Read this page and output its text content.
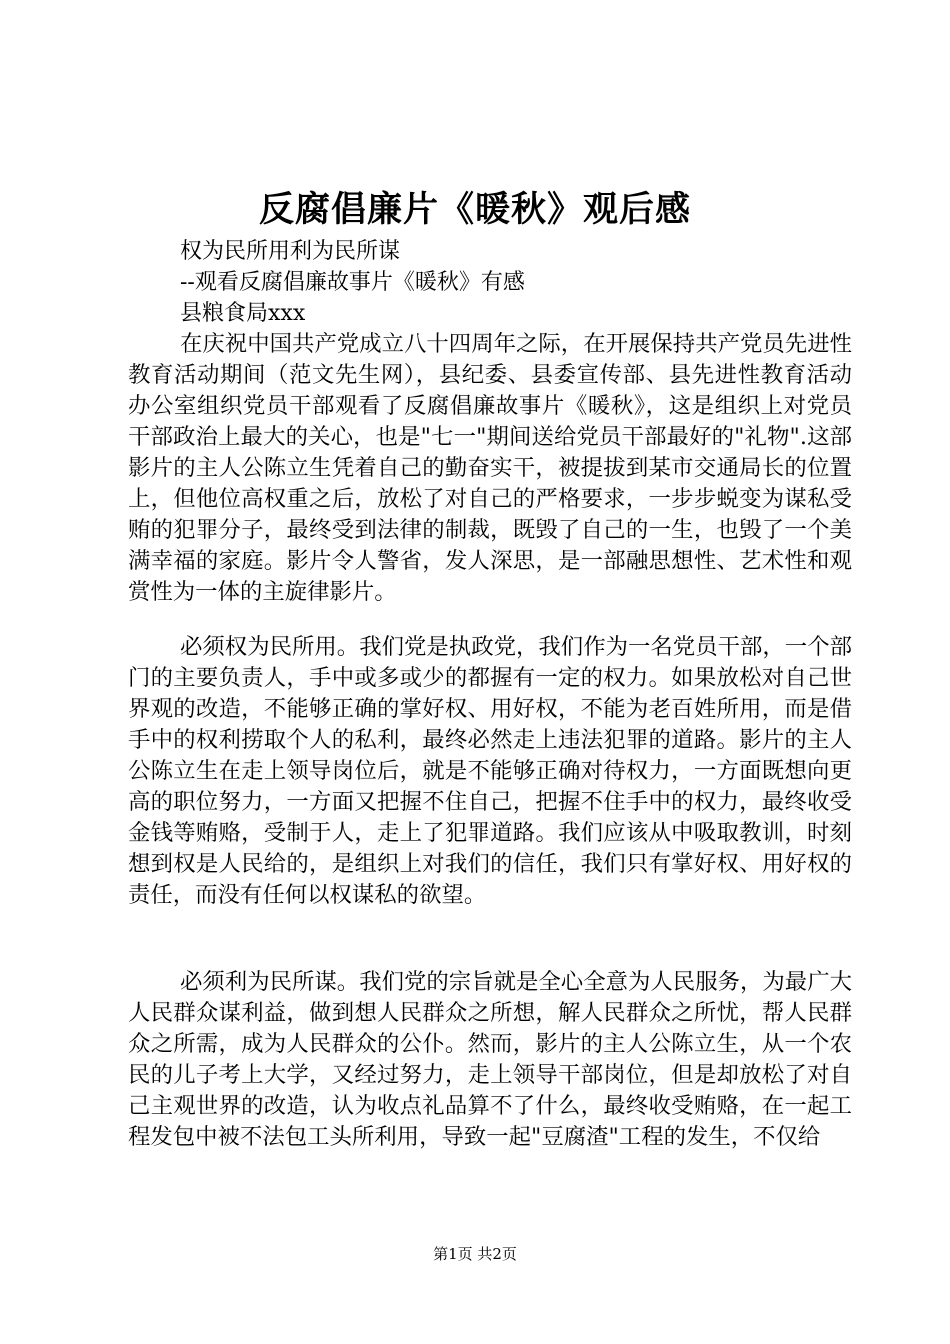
反腐倡廉片《暖秋》观后感

权为民所用利为民所谋

--观看反腐倡廉故事片《暖秋》有感

县粮食局xxx

在庆祝中国共产党成立八十四周年之际，在开展保持共产党员先进性教育活动期间（范文先生网），县纪委、县委宣传部、县先进性教育活动办公室组织党员干部观看了反腐倡廉故事片《暖秋》，这是组织上对党员干部政治上最大的关心，也是"七一"期间送给党员干部最好的"礼物".这部影片的主人公陈立生凭着自己的勤奋实干，被提拔到某市交通局长的位置上，但他位高权重之后，放松了对自己的严格要求，一步步蜕变为谋私受贿的犯罪分子，最终受到法律的制裁，既毁了自己的一生，也毁了一个美满幸福的家庭。影片令人警省，发人深思，是一部融思想性、艺术性和观赏性为一体的主旋律影片。

必须权为民所用。我们党是执政党，我们作为一名党员干部，一个部门的主要负责人，手中或多或少的都握有一定的权力。如果放松对自己世界观的改造，不能够正确的掌好权、用好权，不能为老百姓所用，而是借手中的权利捞取个人的私利，最终必然走上违法犯罪的道路。影片的主人公陈立生在走上领导岗位后，就是不能够正确对待权力，一方面既想向更高的职位努力，一方面又把握不住自己，把握不住手中的权力，最终收受金钱等贿赂，受制于人，走上了犯罪道路。我们应该从中吸取教训，时刻想到权是人民给的，是组织上对我们的信任，我们只有掌好权、用好权的责任，而没有任何以权谋私的欲望。

必须利为民所谋。我们党的宗旨就是全心全意为人民服务，为最广大人民群众谋利益，做到想人民群众之所想，解人民群众之所忧，帮人民群众之所需，成为人民群众的公仆。然而，影片的主人公陈立生，从一个农民的儿子考上大学，又经过努力，走上领导干部岗位，但是却放松了对自己主观世界的改造，认为收点礼品算不了什么，最终收受贿赂，在一起工程发包中被不法包工头所利用，导致一起"豆腐渣"工程的发生，不仅给

第1页 共2页
